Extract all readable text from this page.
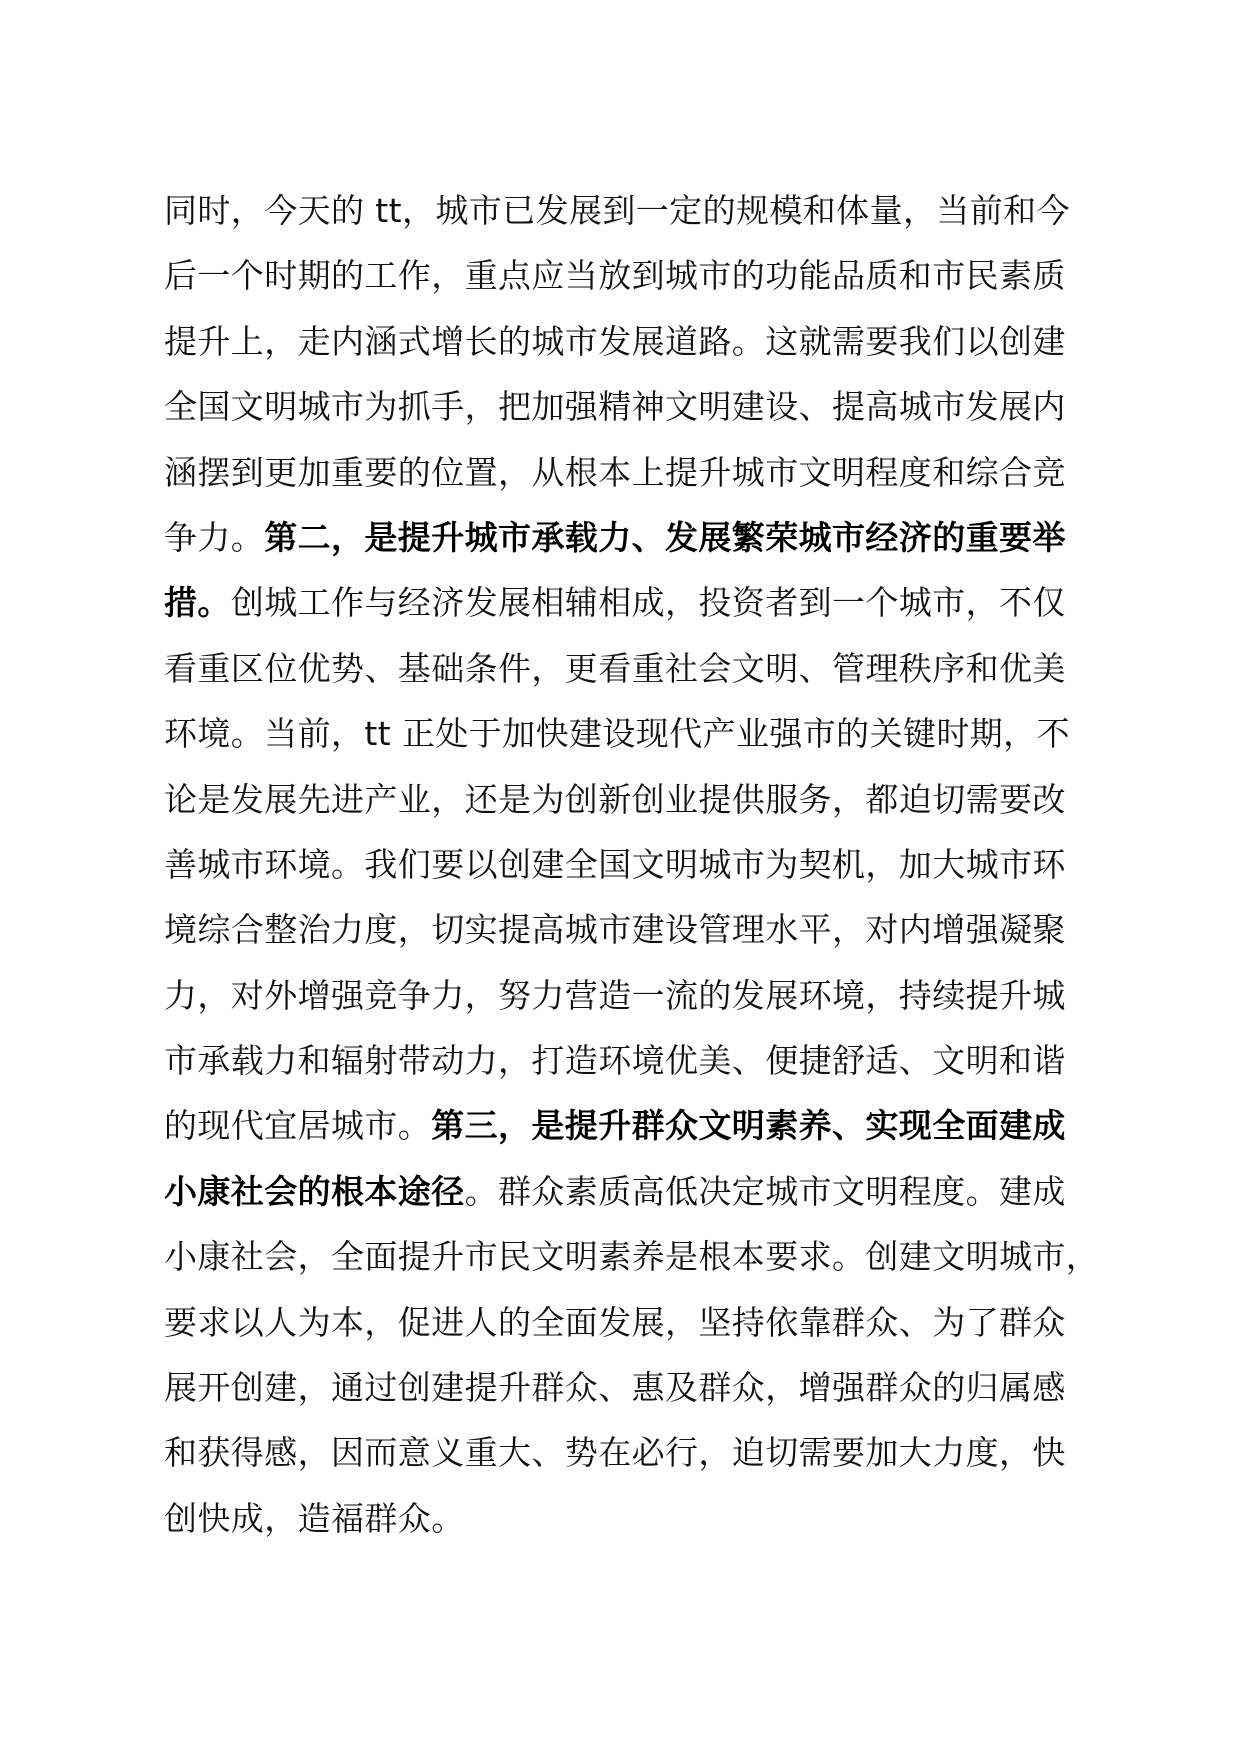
同时，今天的 tt，城市已发展到一定的规模和体量，当前和今
后一个时期的工作，重点应当放到城市的功能品质和市民素质
提升上，走内涵式增长的城市发展道路。这就需要我们以创建
全国文明城市为抓手，把加强精神文明建设、提高城市发展内
涵摆到更加重要的位置，从根本上提升城市文明程度和综合竞
争力。第二，是提升城市承载力、发展繁荣城市经济的重要举
措。创城工作与经济发展相辅相成，投资者到一个城市，不仅
看重区位优势、基础条件，更看重社会文明、管理秩序和优美
环境。当前，tt 正处于加快建设现代产业强市的关键时期，不
论是发展先进产业，还是为创新创业提供服务，都迫切需要改
善城市环境。我们要以创建全国文明城市为契机，加大城市环
境综合整治力度，切实提高城市建设管理水平，对内增强凝聚
力，对外增强竞争力，努力营造一流的发展环境，持续提升城
市承载力和辐射带动力，打造环境优美、便捷舒适、文明和谐
的现代宜居城市。第三，是提升群众文明素养、实现全面建成
小康社会的根本途径。群众素质高低决定城市文明程度。建成
小康社会，全面提升市民文明素养是根本要求。创建文明城市，
要求以人为本，促进人的全面发展，坚持依靠群众、为了群众
展开创建，通过创建提升群众、惠及群众，增强群众的归属感
和获得感，因而意义重大、势在必行，迫切需要加大力度，快
创快成，造福群众。
